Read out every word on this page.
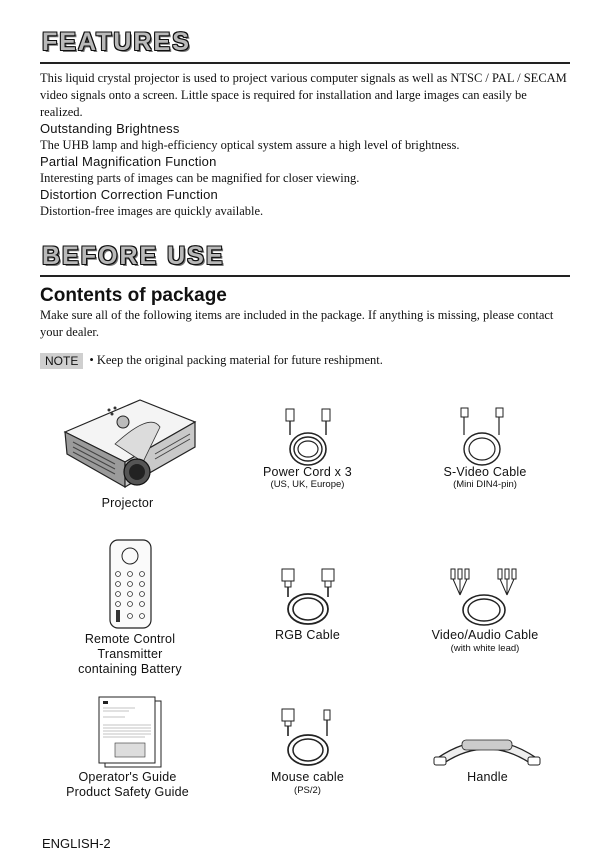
FEATURES

This liquid crystal projector is used to project various computer signals as well as NTSC / PAL / SECAM video signals onto a screen. Little space is required for installation and large images can easily be realized.

Outstanding Brightness

The UHB lamp and high-efficiency optical system assure a high level of brightness.

Partial Magnification Function

Interesting parts of images can be magnified for closer viewing.

Distortion Correction Function

Distortion-free images are quickly available.

BEFORE USE
Contents of package

Make sure all of the following items are included in the package. If anything is missing, please contact your dealer.

NOTE • Keep the original packing material for future reshipment.
Projector
Power Cord x 3
(US, UK, Europe)
S-Video Cable
(Mini DIN4-pin)
Remote Control
Transmitter
containing Battery
RGB Cable	Video/Audio Cable
(with white lead)
Operator's Guide
Product Safety Guide
Mouse cable
(PS/2)
Handle
ENGLISH-2
